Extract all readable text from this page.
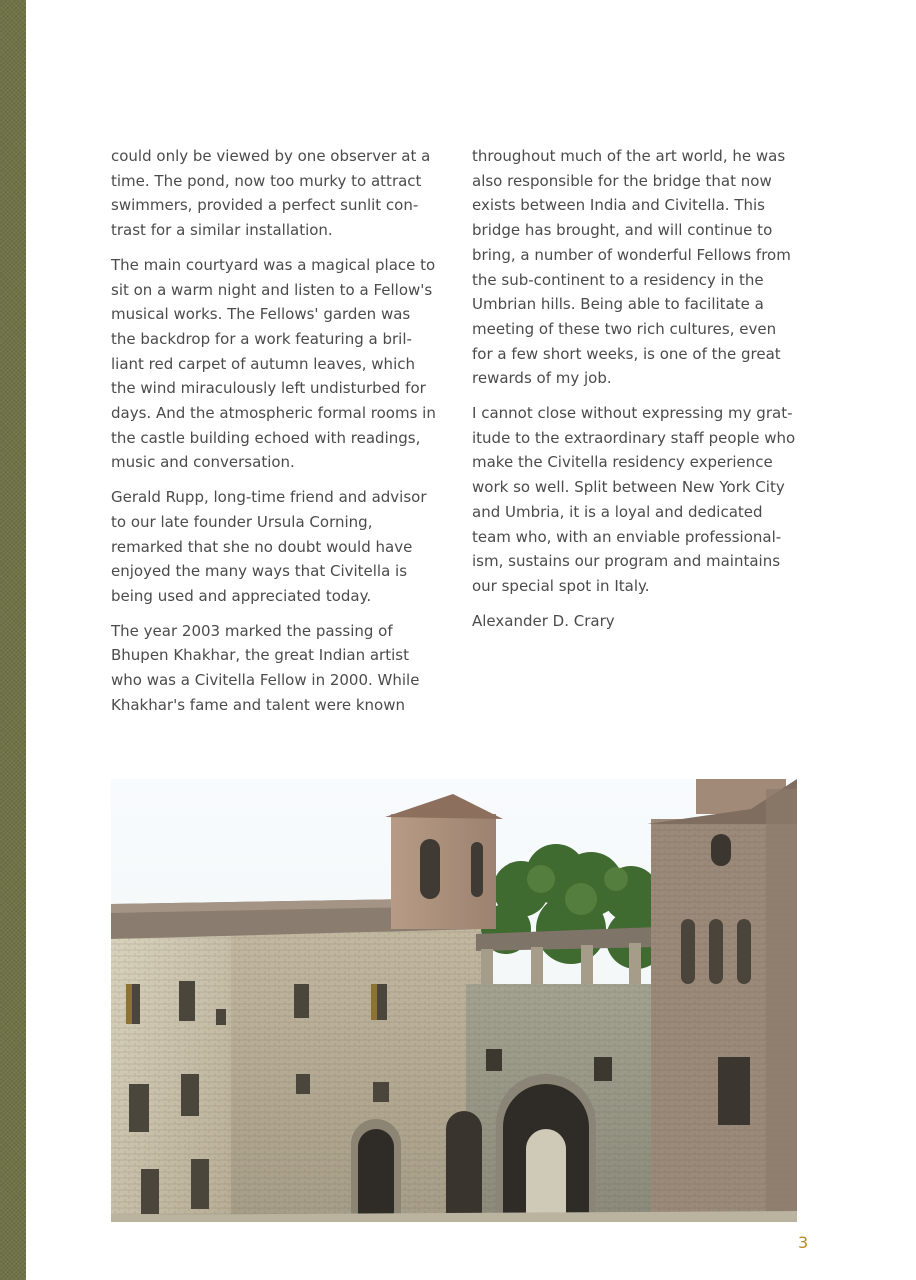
could only be viewed by one observer at a
time. The pond, now too murky to attract
swimmers, provided a perfect sunlit con-
trast for a similar installation.

The main courtyard was a magical place to
sit on a warm night and listen to a Fellow's
musical works. The Fellows' garden was
the backdrop for a work featuring a bril-
liant red carpet of autumn leaves, which
the wind miraculously left undisturbed for
days. And the atmospheric formal rooms in
the castle building echoed with readings,
music and conversation.

Gerald Rupp, long-time friend and advisor
to our late founder Ursula Corning,
remarked that she no doubt would have
enjoyed the many ways that Civitella is
being used and appreciated today.

The year 2003 marked the passing of
Bhupen Khakhar, the great Indian artist
who was a Civitella Fellow in 2000. While
Khakhar's fame and talent were known

throughout much of the art world, he was
also responsible for the bridge that now
exists between India and Civitella. This
bridge has brought, and will continue to
bring, a number of wonderful Fellows from
the sub-continent to a residency in the
Umbrian hills. Being able to facilitate a
meeting of these two rich cultures, even
for a few short weeks, is one of the great
rewards of my job.

I cannot close without expressing my grat-
itude to the extraordinary staff people who
make the Civitella residency experience
work so well. Split between New York City
and Umbria, it is a loyal and dedicated
team who, with an enviable professional-
ism, sustains our program and maintains
our special spot in Italy.

Alexander D. Crary

3
